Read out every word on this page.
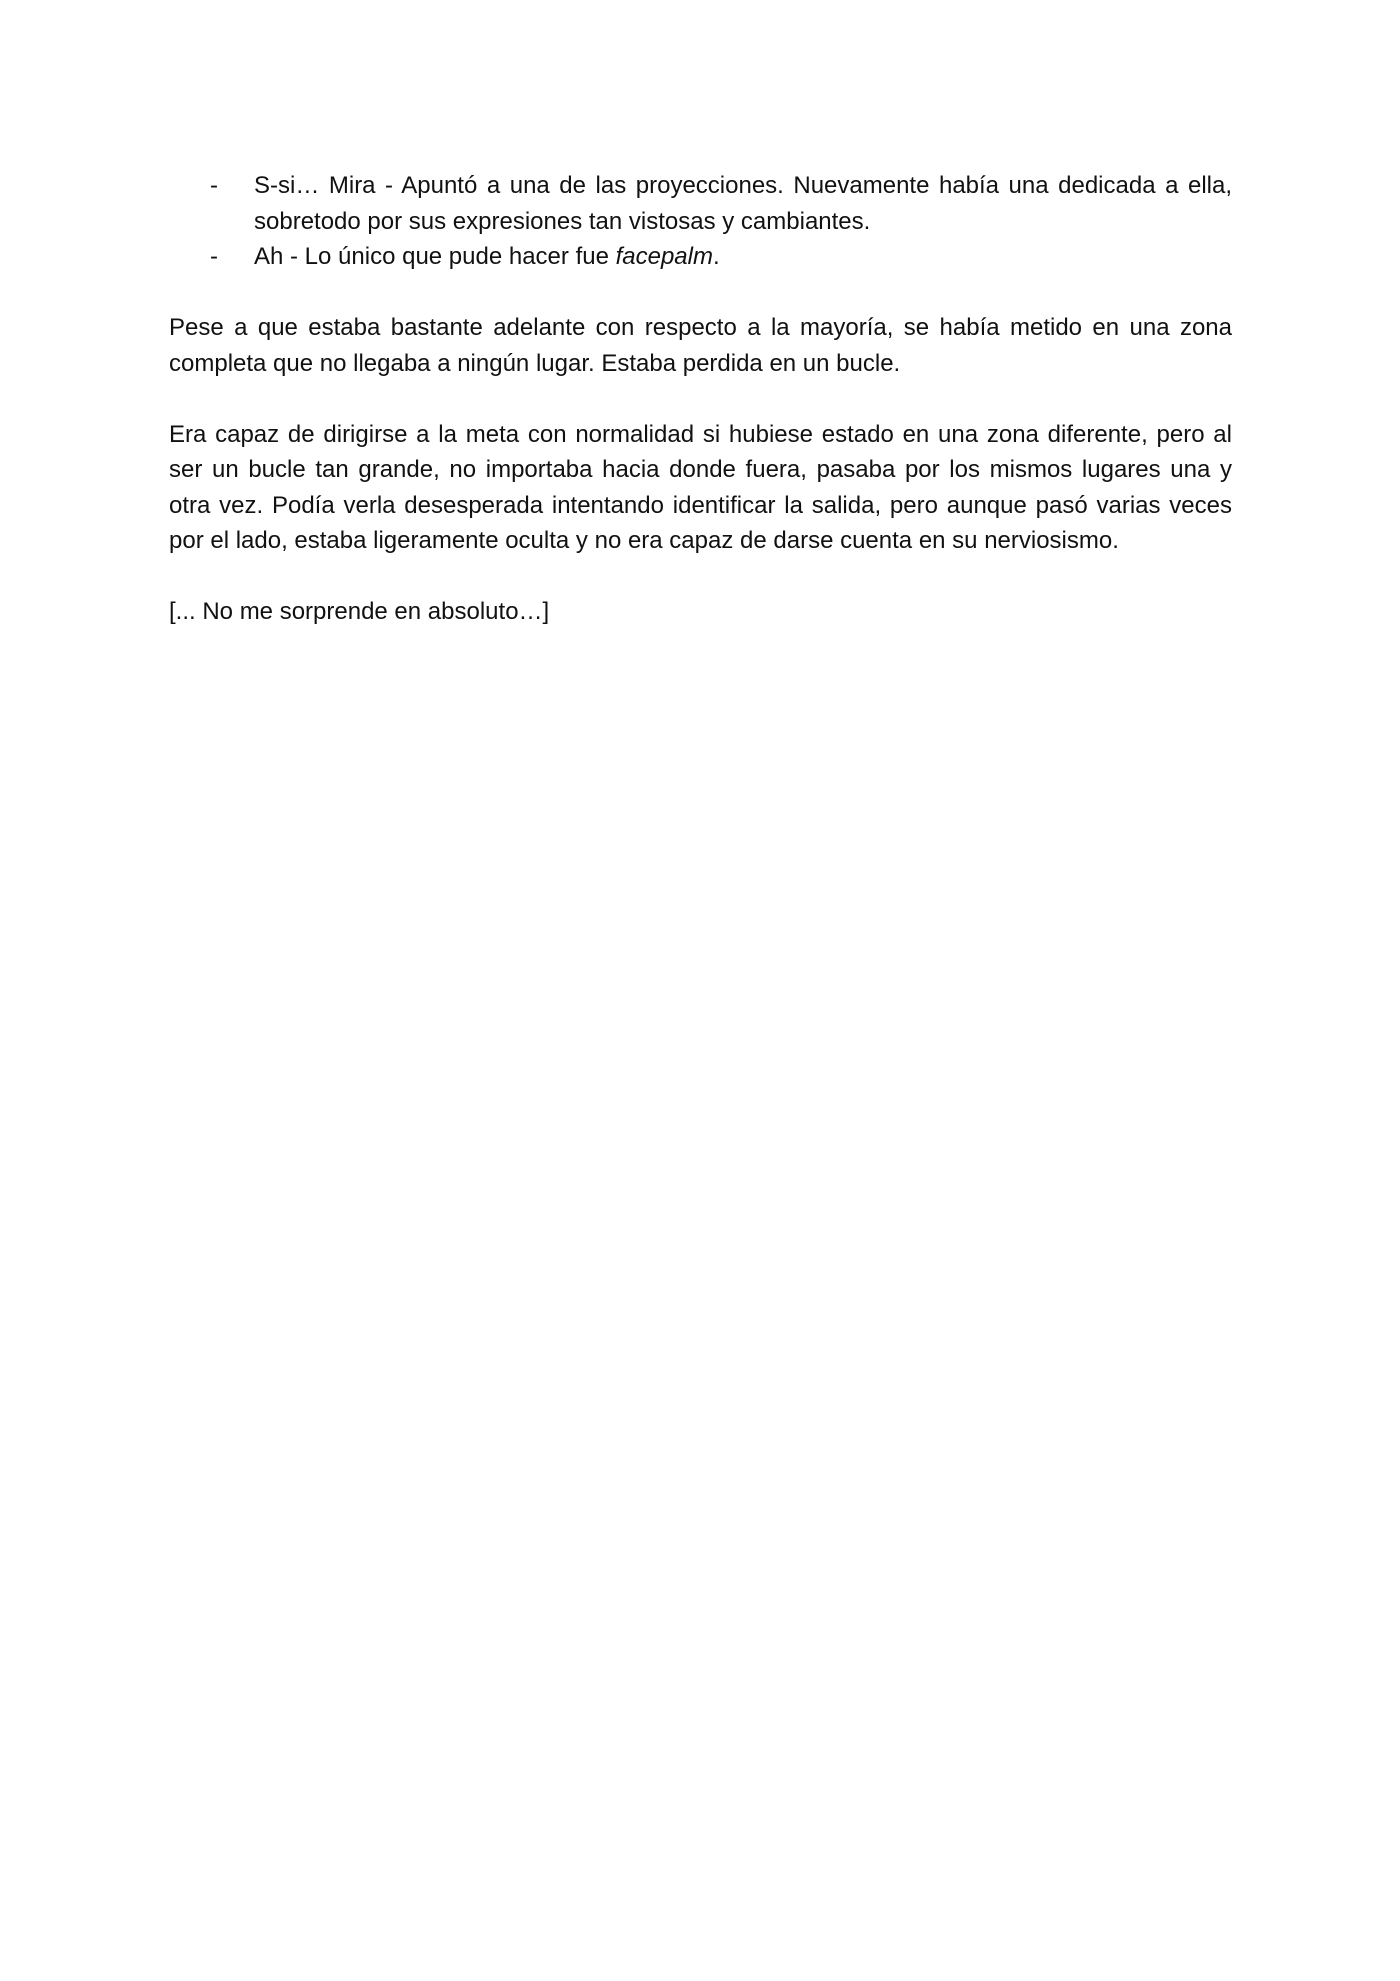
- S-si… Mira - Apuntó a una de las proyecciones. Nuevamente había una dedicada a ella, sobretodo por sus expresiones tan vistosas y cambiantes.
- Ah - Lo único que pude hacer fue facepalm.

Pese a que estaba bastante adelante con respecto a la mayoría, se había metido en una zona completa que no llegaba a ningún lugar. Estaba perdida en un bucle.

Era capaz de dirigirse a la meta con normalidad si hubiese estado en una zona diferente, pero al ser un bucle tan grande, no importaba hacia donde fuera, pasaba por los mismos lugares una y otra vez. Podía verla desesperada intentando identificar la salida, pero aunque pasó varias veces por el lado, estaba ligeramente oculta y no era capaz de darse cuenta en su nerviosismo.

[... No me sorprende en absoluto…]
